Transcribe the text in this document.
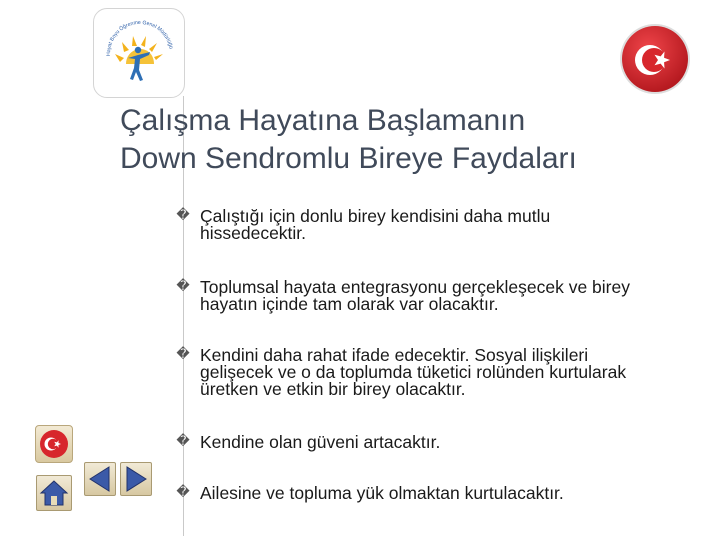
Hayat Boyu Öğrenme Genel Müdürlüğü
Çalışma Hayatına Başlamanın
Down Sendromlu Bireye Faydaları
� Çalıştığı için donlu birey kendisini daha mutlu
hissedecektir.
� Toplumsal hayata entegrasyonu gerçekleşecek ve birey
hayatın içinde tam olarak var olacaktır.
� Kendini daha rahat ifade edecektir. Sosyal ilişkileri
gelişecek ve o da toplumda tüketici rolünden kurtularak
üretken ve etkin bir birey olacaktır.
� Kendine olan güveni artacaktır.
� Ailesine ve topluma yük olmaktan kurtulacaktır.
